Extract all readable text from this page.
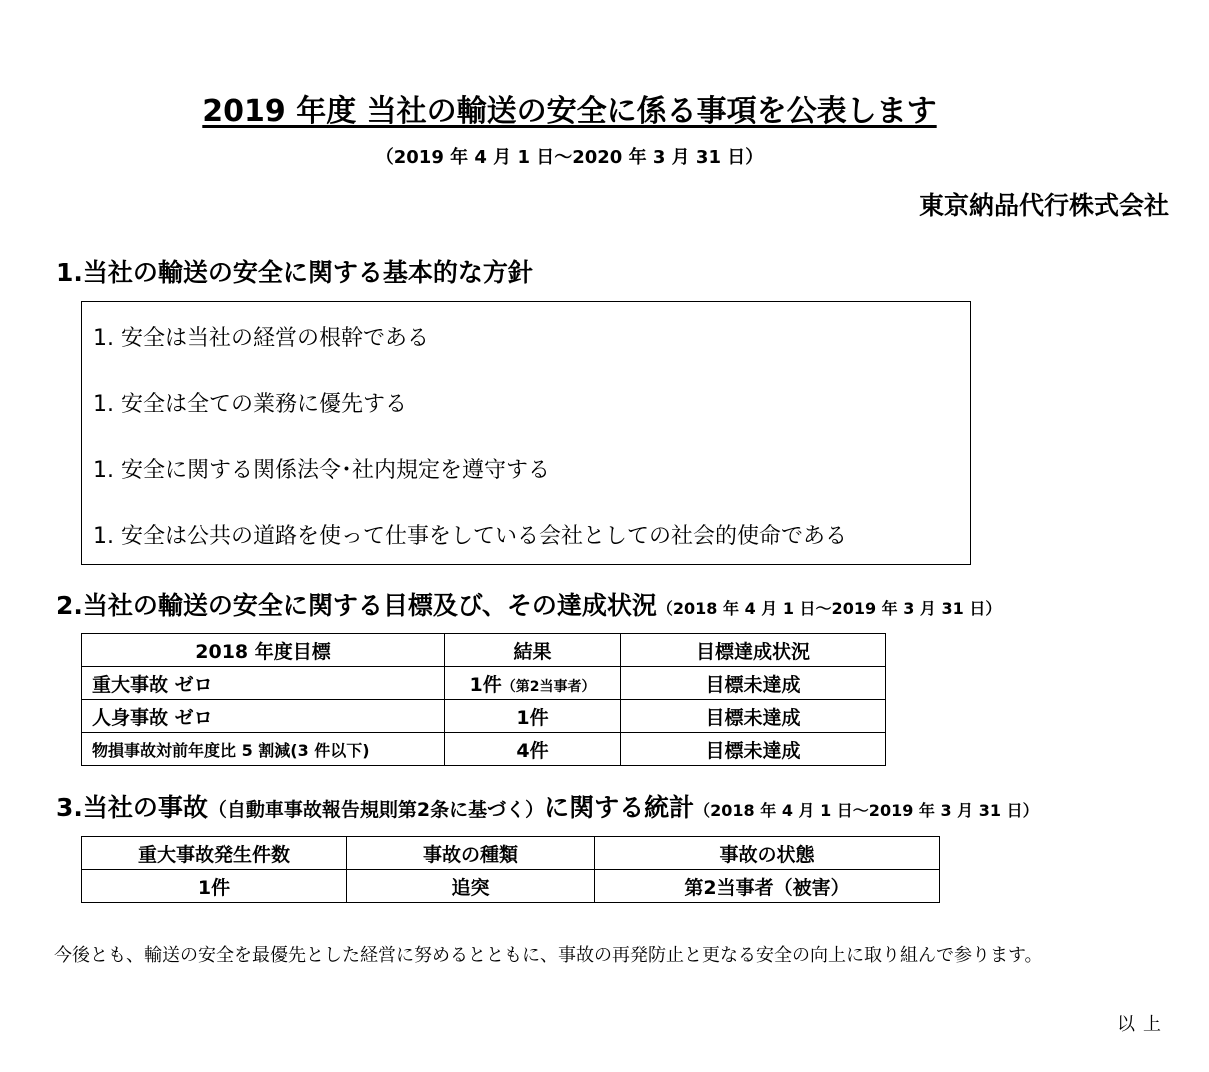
2019 年度 当社の輸送の安全に係る事項を公表します
（2019 年 4 月 1 日～2020 年 3 月 31 日）
東京納品代行株式会社
1.当社の輸送の安全に関する基本的な方針
1. 安全は当社の経営の根幹である
1. 安全は全ての業務に優先する
1. 安全に関する関係法令･社内規定を遵守する
1. 安全は公共の道路を使って仕事をしている会社としての社会的使命である
2.当社の輸送の安全に関する目標及び、その達成状況（2018 年 4 月 1 日～2019 年 3 月 31 日）
2018 年度目標	結果	目標達成状況
重大事故 ゼロ	1件（第2当事者）	目標未達成
人身事故 ゼロ	1件	目標未達成
物損事故対前年度比 5 割減(3 件以下)	4件	目標未達成
3.当社の事故（自動車事故報告規則第2条に基づく）に関する統計（2018 年 4 月 1 日～2019 年 3 月 31 日）
重大事故発生件数	事故の種類	事故の状態
1件	追突	第2当事者（被害）
今後とも、輸送の安全を最優先とした経営に努めるとともに、事故の再発防止と更なる安全の向上に取り組んで参ります。
以上
